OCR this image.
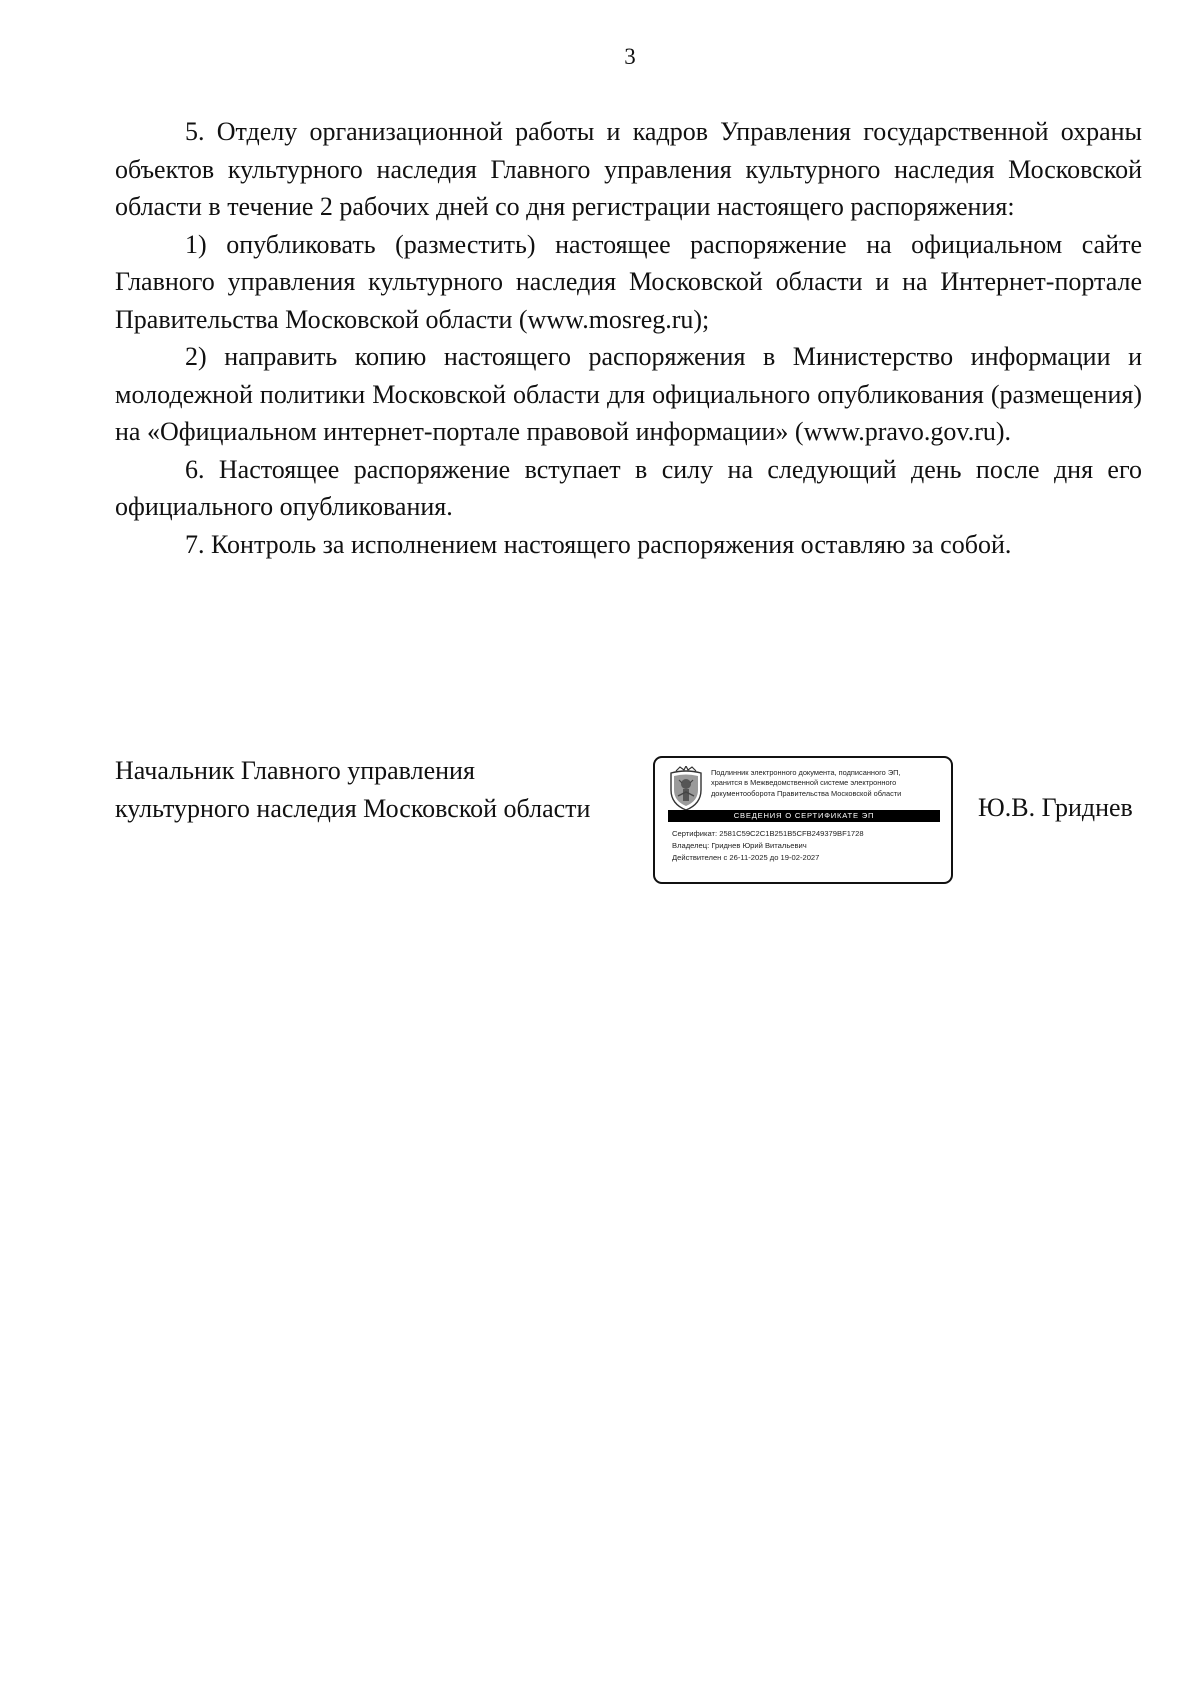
3

5. Отделу организационной работы и кадров Управления государственной охраны объектов культурного наследия Главного управления культурного наследия Московской области в течение 2 рабочих дней со дня регистрации настоящего распоряжения:

1) опубликовать (разместить) настоящее распоряжение на официальном сайте Главного управления культурного наследия Московской области и на Интернет-портале Правительства Московской области (www.mosreg.ru);

2) направить копию настоящего распоряжения в Министерство информации и молодежной политики Московской области для официального опубликования (размещения) на «Официальном интернет-портале правовой информации» (www.pravo.gov.ru).

6. Настоящее распоряжение вступает в силу на следующий день после дня его официального опубликования.

7. Контроль за исполнением настоящего распоряжения оставляю за собой.

Начальник Главного управления
культурного наследия Московской области
Подлинник электронного документа, подписанного ЭП,
хранится в Межведомственной системе электронного
документооборота Правительства Московской области
СВЕДЕНИЯ О СЕРТИФИКАТЕ ЭП
Сертификат: 2581C59C2C1B251B5CFB249379BF1728
Владелец: Гриднев Юрий Витальевич
Действителен с 26-11-2025 до 19-02-2027
Ю.В. Гриднев
